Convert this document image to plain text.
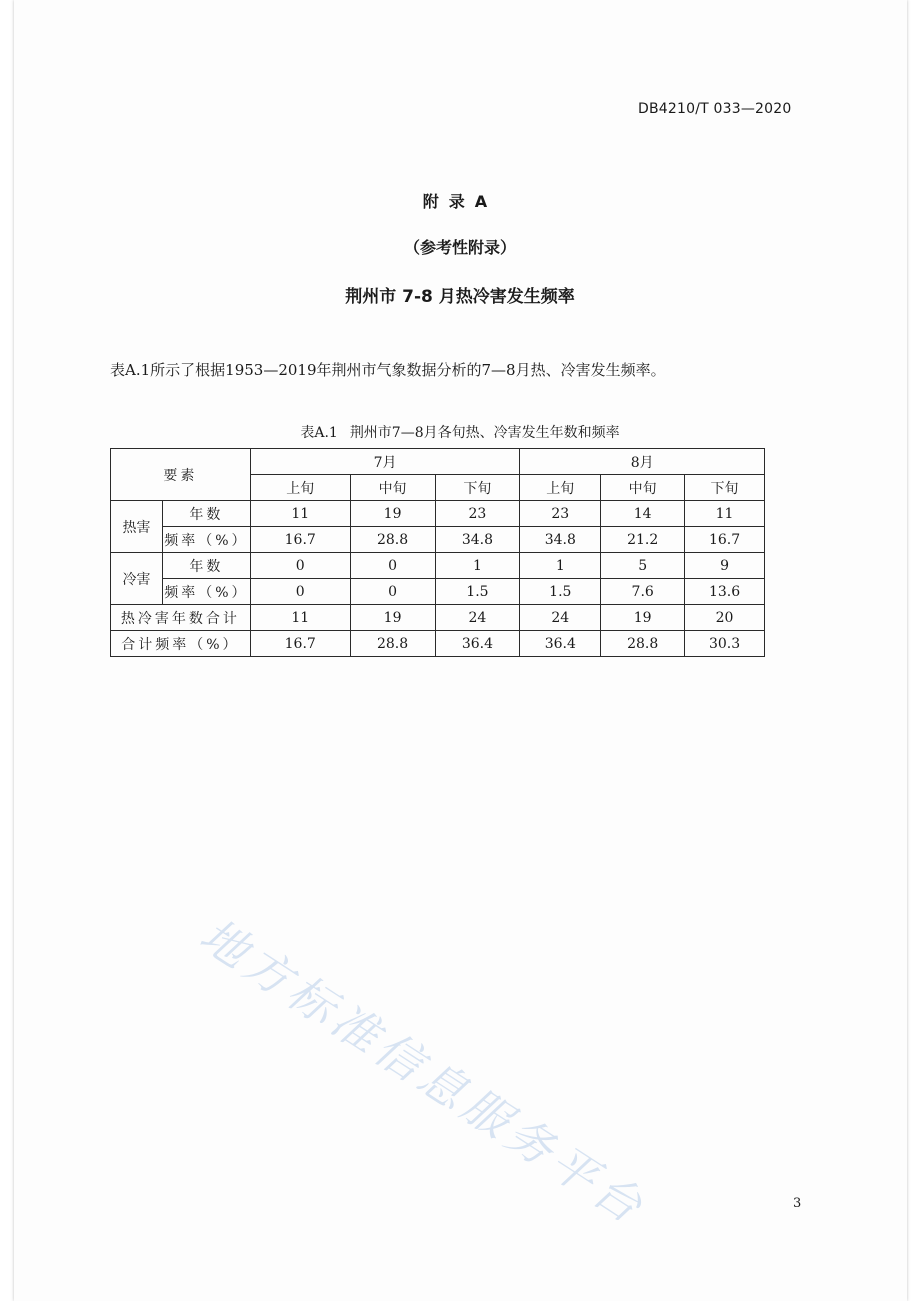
DB4210/T 033—2020
附录A
（参考性附录）
荆州市 7-8 月热冷害发生频率
表A.1所示了根据1953—2019年荆州市气象数据分析的7—8月热、冷害发生频率。
表A.1 荆州市7—8月各旬热、冷害发生年数和频率
要素		7月			8月		
		上旬	中旬	下旬	上旬	中旬	下旬
热害	年数	11	19	23	23	14	11
	频率（%）	16.7	28.8	34.8	34.8	21.2	16.7
冷害	年数	0	0	1	1	5	9
	频率（%）	0	0	1.5	1.5	7.6	13.6
热冷害年数合计		11	19	24	24	19	20
合计频率（%）		16.7	28.8	36.4	36.4	28.8	30.3
地方标准信息服务平台	3
